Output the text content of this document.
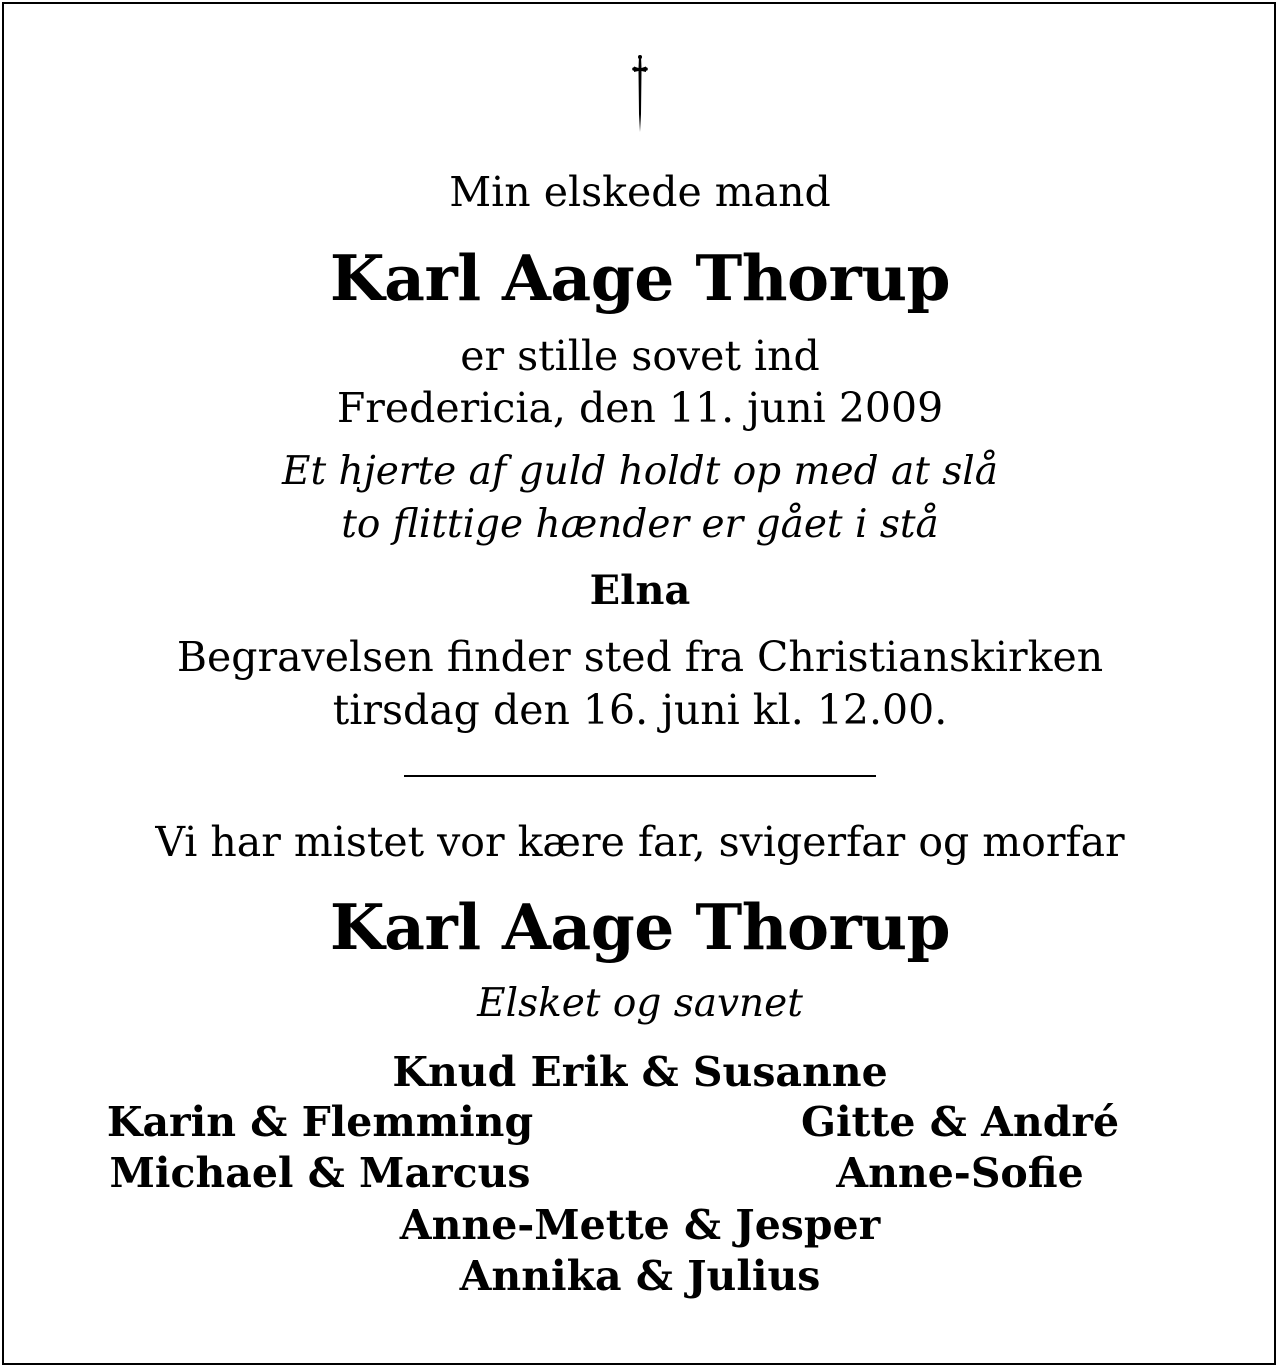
Min elskede mand
Karl Aage Thorup
er stille sovet ind
Fredericia, den 11. juni 2009
Et hjerte af guld holdt op med at slå
to flittige hænder er gået i stå
Elna
Begravelsen finder sted fra Christianskirken
tirsdag den 16. juni kl. 12.00.
Vi har mistet vor kære far, svigerfar og morfar
Karl Aage Thorup
Elsket og savnet
Knud Erik & Susanne
Karin & Flemming	Gitte & André
Michael & Marcus	Anne-Sofie
Anne-Mette & Jesper
Annika & Julius
